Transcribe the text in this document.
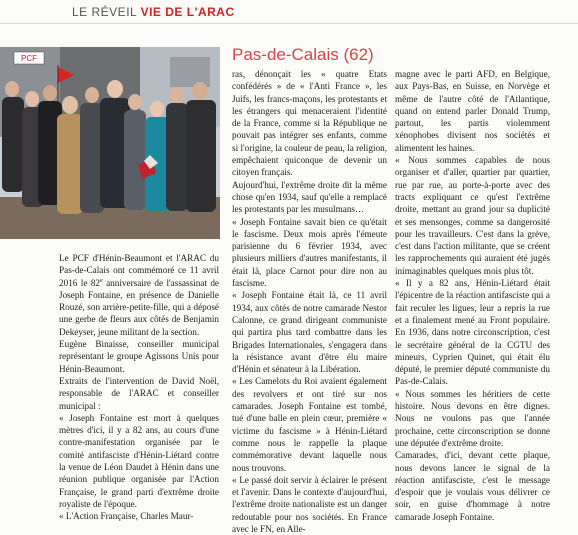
LE RÉVEIL VIE DE L'ARAC
PCF	Pas-de-Calais (62)

Le PCF d'Hénin-Beaumont et l'ARAC du Pas-de-Calais ont commémoré ce 11 avril 2016 le 82e anniversaire de l'assassinat de Joseph Fontaine, en présence de Danielle Rouzé, son arrière-petite-fille, qui a déposé une gerbe de fleurs aux côtés de Benjamin Dekeyser, jeune militant de la section.

Eugène Binaisse, conseiller municipal représentant le groupe Agissons Unis pour Hénin-Beaumont.

Extraits de l'intervention de David Noël, responsable de l'ARAC et conseiller municipal :

« Joseph Fontaine est mort à quelques mètres d'ici, il y a 82 ans, au cours d'une contre-manifestation organisée par le comité antifasciste d'Hénin-Liétard contre la venue de Léon Daudet à Hénin dans une réunion publique organisée par l'Action Française, le grand parti d'extrême droite royaliste de l'époque.

« L'Action Française, Charles Maur-

ras, dénonçait les « quatre Etats confédérés » de « l'Anti France », les Juifs, les francs-maçons, les protestants et les étrangers qui menaceraient l'identité de la France, comme si la République ne pouvait pas intégrer ses enfants, comme si l'origine, la couleur de peau, la religion, empêchaient quiconque de devenir un citoyen français.

Aujourd'hui, l'extrême droite dit la même chose qu'en 1934, sauf qu'elle a remplacé les protestants par les musulmans…

« Joseph Fontaine savait bien ce qu'était le fascisme. Deux mois après l'émeute parisienne du 6 février 1934, avec plusieurs milliers d'autres manifestants, il était là, place Carnot pour dire non au fascisme.

« Joseph Fontaine était là, ce 11 avril 1934, aux côtés de notre camarade Nestor Calonne, ce grand dirigeant communiste qui partira plus tard combattre dans les Brigades Internationales, s'engagera dans la résistance avant d'être élu maire d'Hénin et sénateur à la Libération.

« Les Camelots du Roi avaient également des revolvers et ont tiré sur nos camarades. Joseph Fontaine est tombé, tué d'une balle en plein cœur, première « victime du fascisme » à Hénin-Liétard comme nous le rappelle la plaque commémorative devant laquelle nous nous trouvons.

« Le passé doit servir à éclairer le présent et l'avenir. Dans le contexte d'aujourd'hui, l'extrême droite nationaliste est un danger redoutable pour nos sociétés. En France avec le FN, en Alle-

magne avec le parti AFD, en Belgique, aux Pays-Bas, en Suisse, en Norvège et même de l'autre côté de l'Atlantique, quand on entend parler Donald Trump, partout, les partis violemment xénophobes divisent nos sociétés et alimentent les haines.

« Nous sommes capables de nous organiser et d'aller, quartier par quartier, rue par rue, au porte-à-porte avec des tracts expliquant ce qu'est l'extrême droite, mettant au grand jour sa duplicité et ses mensonges, comme sa dangerosité pour les travailleurs. C'est dans la grève, c'est dans l'action militante, que se créent les rapprochements qui auraient été jugés inimaginables quelques mois plus tôt.

« Il y a 82 ans, Hénin-Liétard était l'épicentre de la réaction antifasciste qui a fait reculer les ligues, leur a repris la rue et a finalement mené au Front populaire. En 1936, dans notre circonscription, c'est le secrétaire général de la CGTU des mineurs, Cyprien Quinet, qui était élu député, le premier député communiste du Pas-de-Calais.

« Nous sommes les héritiers de cette histoire. Nous devons en être dignes. Nous ne voulons pas que l'année prochaine, cette circonscription se donne une députée d'extrême droite.

Camarades, d'ici, devant cette plaque, nous devons lancer le signal de la réaction antifasciste, c'est le message d'espoir que je voulais vous délivrer ce soir, en guise d'hommage à notre camarade Joseph Fontaine.
